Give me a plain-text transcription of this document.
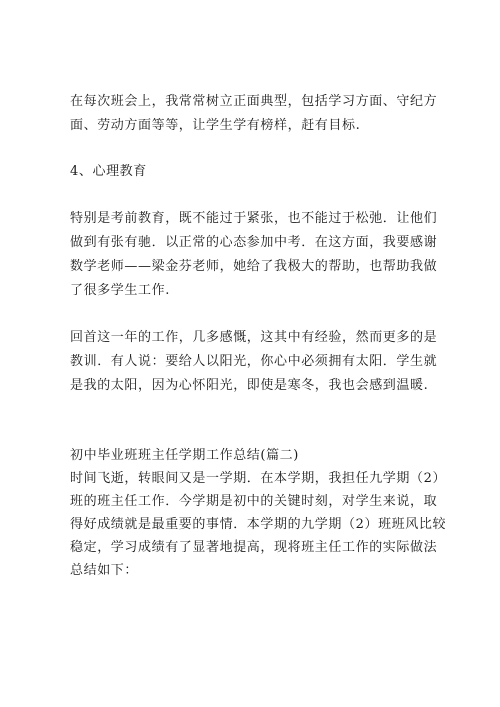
在每次班会上，我常常树立正面典型，包括学习方面、守纪方
面、劳动方面等等，让学生学有榜样，赶有目标.
4、心理教育
特别是考前教育，既不能过于紧张，也不能过于松弛．让他们
做到有张有驰．以正常的心态参加中考．在这方面，我要感谢
数学老师——梁金芬老师，她给了我极大的帮助，也帮助我做
了很多学生工作.
回首这一年的工作，几多感慨，这其中有经验，然而更多的是
教训．有人说：要给人以阳光，你心中必须拥有太阳．学生就
是我的太阳，因为心怀阳光，即使是寒冬，我也会感到温暖.
初中毕业班班主任学期工作总结(篇二)
时间飞逝，转眼间又是一学期．在本学期，我担任九学期（2）
班的班主任工作．今学期是初中的关键时刻，对学生来说，取
得好成绩就是最重要的事情．本学期的九学期（2）班班风比较
稳定，学习成绩有了显著地提高，现将班主任工作的实际做法
总结如下：
